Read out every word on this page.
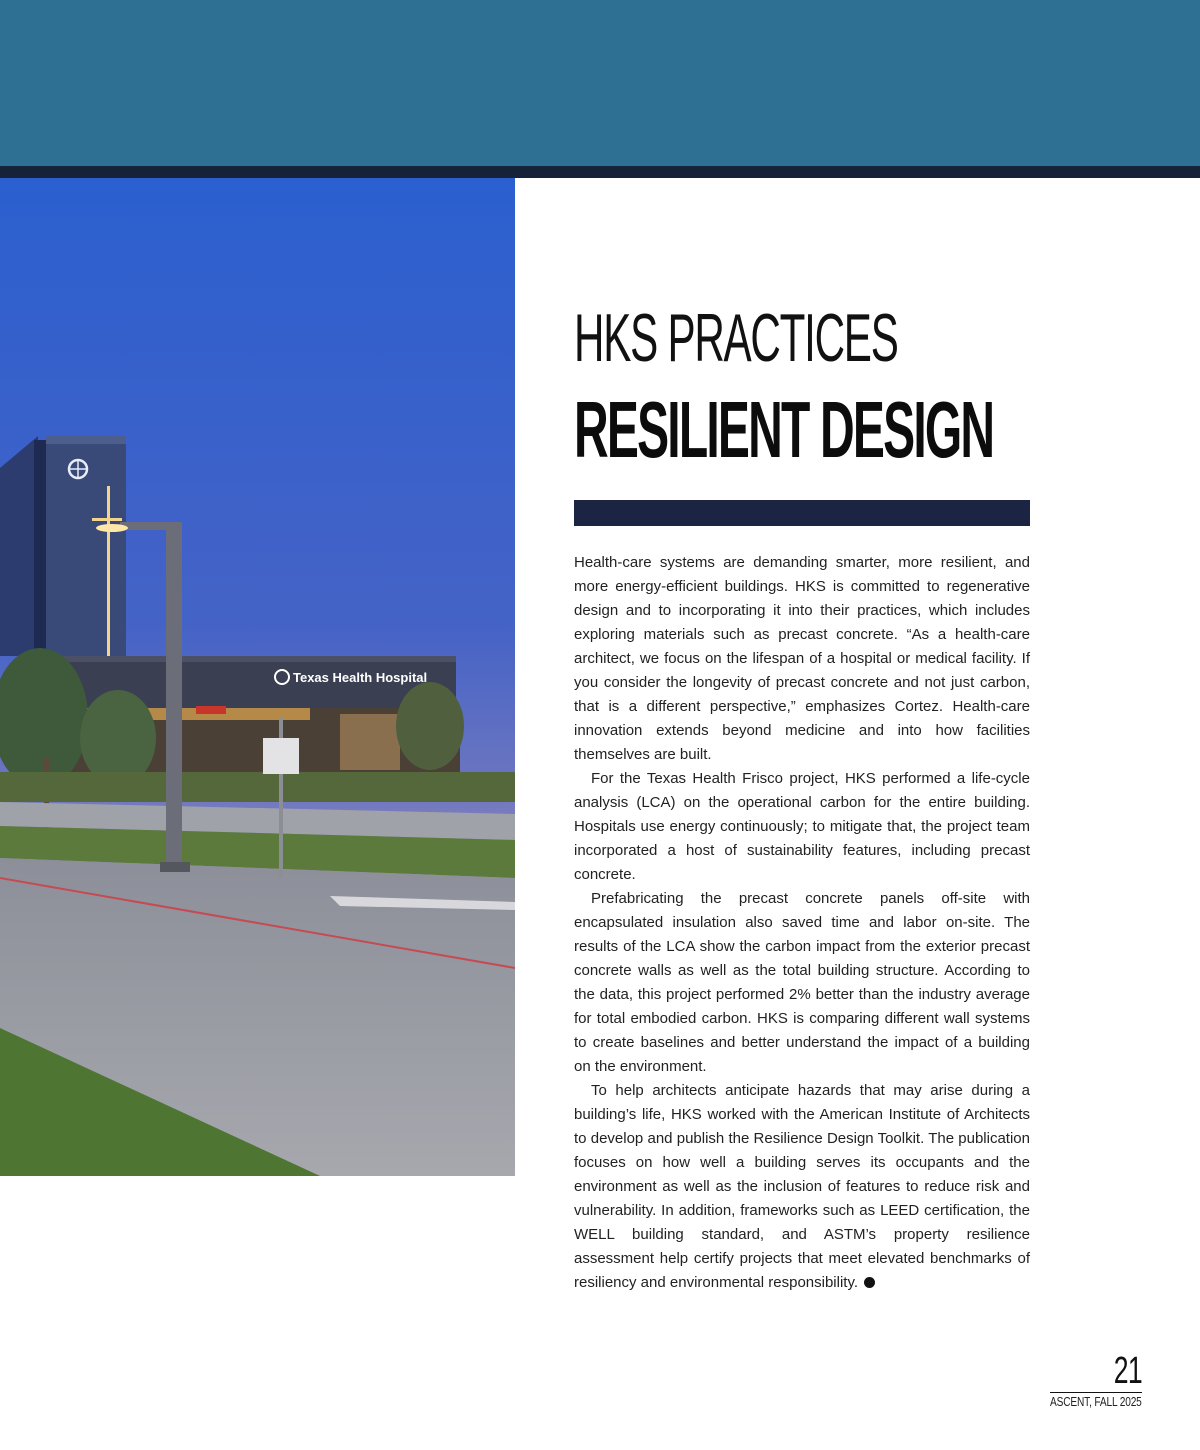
Texas Health Hospital
HKS PRACTICES
RESILIENT DESIGN

Health-care systems are demanding smarter, more resilient, and more energy-efficient buildings. HKS is committed to regenerative design and to incorporating it into their practices, which includes exploring materials such as precast concrete. “As a health-care architect, we focus on the lifespan of a hospital or medical facility. If you consider the longevity of precast concrete and not just carbon, that is a different perspective,” emphasizes Cortez. Health-care innovation extends beyond medicine and into how facilities themselves are built.

For the Texas Health Frisco project, HKS performed a life-cycle analysis (LCA) on the operational carbon for the entire building. Hospitals use energy continuously; to mitigate that, the project team incorporated a host of sustainability features, including precast concrete.

Prefabricating the precast concrete panels off-site with encapsulated insulation also saved time and labor on-site. The results of the LCA show the carbon impact from the exterior precast concrete walls as well as the total building structure. According to the data, this project performed 2% better than the industry average for total embodied carbon. HKS is comparing different wall systems to create baselines and better understand the impact of a building on the environment.

To help architects anticipate hazards that may arise during a building’s life, HKS worked with the American Institute of Architects to develop and publish the Resilience Design Toolkit. The publication focuses on how well a building serves its occupants and the environment as well as the inclusion of features to reduce risk and vulnerability. In addition, frameworks such as LEED certification, the WELL building standard, and ASTM’s property resilience assessment help certify projects that meet elevated benchmarks of resiliency and environmental responsibility.

21
ASCENT, FALL 2025
